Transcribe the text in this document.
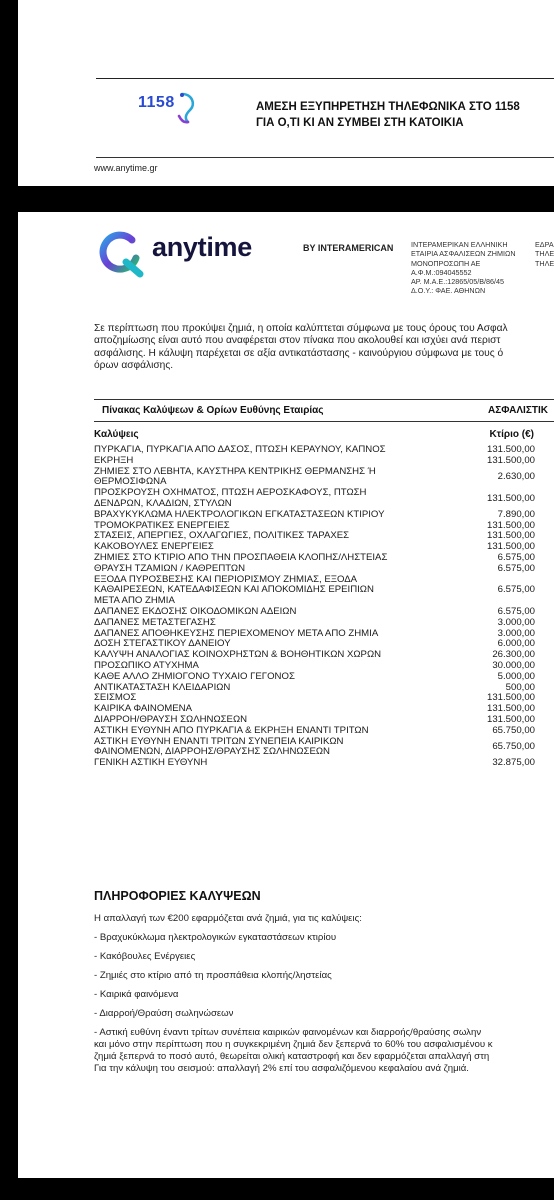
1158	ΑΜΕΣΗ ΕΞΥΠΗΡΕΤΗΣΗ ΤΗΛΕΦΩΝΙΚΑ ΣΤΟ 1158
ΓΙΑ Ο,ΤΙ ΚΙ ΑΝ ΣΥΜΒΕΙ ΣΤΗ ΚΑΤΟΙΚΙΑ
www.anytime.gr
anytime	BY INTERAMERICAN ΙΝΤΕΡΑΜΕΡΙΚΑΝ ΕΛΛΗΝΙΚΗ
ΕΤΑΙΡΙΑ ΑΣΦΑΛΙΣΕΩΝ ΖΗΜΙΩΝ
ΜΟΝΟΠΡΟΣΩΠΗ ΑΕ
Α.Φ.Μ.:094045552
ΑΡ. Μ.Α.Ε.:12865/05/Β/86/45
Δ.Ο.Υ.: ΦΑΕ. ΑΘΗΝΩΝ
ΕΔΡΑ
ΤΗΛΕ
ΤΗΛΕ
Σε περίπτωση που προκύψει ζημιά, η οποία καλύπτεται σύμφωνα με τους όρους του Ασφαλ
αποζημίωσης είναι αυτό που αναφέρεται στον πίνακα που ακολουθεί και ισχύει ανά περιστ
ασφάλισης. Η κάλυψη παρέχεται σε αξία αντικατάστασης - καινούργιου σύμφωνα με τους ό
όρων ασφάλισης.
Πίνακας Καλύψεων & Ορίων Ευθύνης Εταιρίας	ΑΣΦΑΛΙΣΤΙΚ
Καλύψεις	Κτίριο (€)
ΠΥΡΚΑΓΙΑ, ΠΥΡΚΑΓΙΑ ΑΠΟ ΔΑΣΟΣ, ΠΤΩΣΗ ΚΕΡΑΥΝΟΥ, ΚΑΠΝΟΣ	131.500,00
ΕΚΡΗΞΗ	131.500,00
ΖΗΜΙΕΣ ΣΤΟ ΛΕΒΗΤΑ, ΚΑΥΣΤΗΡΑ ΚΕΝΤΡΙΚΗΣ ΘΕΡΜΑΝΣΗΣ Ή
ΘΕΡΜΟΣΙΦΩΝΑ	2.630,00
ΠΡΟΣΚΡΟΥΣΗ ΟΧΗΜΑΤΟΣ, ΠΤΩΣΗ ΑΕΡΟΣΚΑΦΟΥΣ, ΠΤΩΣΗ
ΔΕΝΔΡΩΝ, ΚΛΑΔΙΩΝ, ΣΤΥΛΩΝ	131.500,00
ΒΡΑΧΥΚΥΚΛΩΜΑ ΗΛΕΚΤΡΟΛΟΓΙΚΩΝ ΕΓΚΑΤΑΣΤΑΣΕΩΝ ΚΤΙΡΙΟΥ	7.890,00
ΤΡΟΜΟΚΡΑΤΙΚΕΣ ΕΝΕΡΓΕΙΕΣ	131.500,00
ΣΤΑΣΕΙΣ, ΑΠΕΡΓΙΕΣ, ΟΧΛΑΓΩΓΙΕΣ, ΠΟΛΙΤΙΚΕΣ ΤΑΡΑΧΕΣ	131.500,00
ΚΑΚΟΒΟΥΛΕΣ ΕΝΕΡΓΕΙΕΣ	131.500,00
ΖΗΜΙΕΣ ΣΤΟ ΚΤΙΡΙΟ ΑΠΟ ΤΗΝ ΠΡΟΣΠΑΘΕΙΑ ΚΛΟΠΗΣ/ΛΗΣΤΕΙΑΣ	6.575,00
ΘΡΑΥΣΗ ΤΖΑΜΙΩΝ / ΚΑΘΡΕΠΤΩΝ	6.575,00
ΕΞΟΔΑ ΠΥΡΟΣΒΕΣΗΣ ΚΑΙ ΠΕΡΙΟΡΙΣΜΟΥ ΖΗΜΙΑΣ, ΕΞΟΔΑ
ΚΑΘΑΙΡΕΣΕΩΝ, ΚΑΤΕΔΑΦΙΣΕΩΝ ΚΑΙ ΑΠΟΚΟΜΙΔΗΣ ΕΡΕΙΠΙΩΝ
ΜΕΤΑ ΑΠΟ ΖΗΜΙΑ
6.575,00
ΔΑΠΑΝΕΣ ΕΚΔΟΣΗΣ ΟΙΚΟΔΟΜΙΚΩΝ ΑΔΕΙΩΝ	6.575,00
ΔΑΠΑΝΕΣ ΜΕΤΑΣΤΕΓΑΣΗΣ	3.000,00
ΔΑΠΑΝΕΣ ΑΠΟΘΗΚΕΥΣΗΣ ΠΕΡΙΕΧΟΜΕΝΟΥ ΜΕΤΑ ΑΠΟ ΖΗΜΙΑ	3.000,00
ΔΟΣΗ ΣΤΕΓΑΣΤΙΚΟΥ ΔΑΝΕΙΟΥ	6.000,00
ΚΑΛΥΨΗ ΑΝΑΛΟΓΙΑΣ ΚΟΙΝΟΧΡΗΣΤΩΝ & ΒΟΗΘΗΤΙΚΩΝ ΧΩΡΩΝ	26.300,00
ΠΡΟΣΩΠΙΚΟ ΑΤΥΧΗΜΑ	30.000,00
ΚΑΘΕ ΑΛΛΟ ΖΗΜΙΟΓΟΝΟ ΤΥΧΑΙΟ ΓΕΓΟΝΟΣ	5.000,00
ΑΝΤΙΚΑΤΑΣΤΑΣΗ ΚΛΕΙΔΑΡΙΩΝ	500,00
ΣΕΙΣΜΟΣ	131.500,00
ΚΑΙΡΙΚΑ ΦΑΙΝΟΜΕΝΑ	131.500,00
ΔΙΑΡΡΟΗ/ΘΡΑΥΣΗ ΣΩΛΗΝΩΣΕΩΝ	131.500,00
ΑΣΤΙΚΗ ΕΥΘΥΝΗ ΑΠΟ ΠΥΡΚΑΓΙΑ & ΕΚΡΗΞΗ ΕΝΑΝΤΙ ΤΡΙΤΩΝ	65.750,00
ΑΣΤΙΚΗ ΕΥΘΥΝΗ ΕΝΑΝΤΙ ΤΡΙΤΩΝ ΣΥΝΕΠΕΙΑ ΚΑΙΡΙΚΩΝ
ΦΑΙΝΟΜΕΝΩΝ, ΔΙΑΡΡΟΗΣ/ΘΡΑΥΣΗΣ ΣΩΛΗΝΩΣΕΩΝ	65.750,00
ΓΕΝΙΚΗ ΑΣΤΙΚΗ ΕΥΘΥΝΗ	32.875,00
ΠΛΗΡΟΦΟΡΙΕΣ ΚΑΛΥΨΕΩΝ
Η απαλλαγή των €200 εφαρμόζεται ανά ζημιά, για τις καλύψεις:
- Βραχυκύκλωμα ηλεκτρολογικών εγκαταστάσεων κτιρίου
- Κακόβουλες Ενέργειες
- Ζημιές στο κτίριο από τη προσπάθεια κλοπής/ληστείας
- Καιρικά φαινόμενα
- Διαρροή/Θραύση σωληνώσεων
- Αστική ευθύνη έναντι τρίτων συνέπεια καιρικών φαινομένων και διαρροής/θραύσης σωλην
και μόνο στην περίπτωση που η συγκεκριμένη ζημιά δεν ξεπερνά το 60% του ασφαλισμένου κ
ζημιά ξεπερνά το ποσό αυτό, θεωρείται ολική καταστροφή και δεν εφαρμόζεται απαλλαγή στη
Για την κάλυψη του σεισμού: απαλλαγή 2% επί του ασφαλιζόμενου κεφαλαίου ανά ζημιά.
